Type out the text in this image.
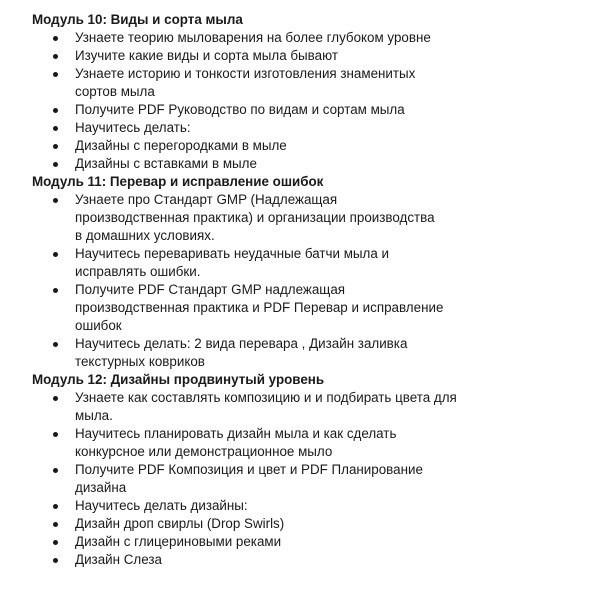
Модуль 10: Виды и сорта мыла
Узнаете теорию мыловарения на более глубоком уровне
Изучите какие виды и сорта мыла бывают
Узнаете историю и тонкости изготовления знаменитых сортов мыла
Получите PDF Руководство по видам и сортам мыла
Научитесь делать:
Дизайны с перегородками в мыле
Дизайны с вставками в мыле
Модуль 11: Перевар и исправление ошибок
Узнаете про Стандарт GMP (Надлежащая производственная практика) и организации производства в домашних условиях.
Научитесь переваривать неудачные батчи мыла и исправлять ошибки.
Получите PDF Стандарт GMP надлежащая производственная практика и PDF Перевар и исправление ошибок
Научитесь делать: 2 вида перевара , Дизайн заливка текстурных ковриков
Модуль 12: Дизайны продвинутый уровень
Узнаете как составлять композицию и и подбирать цвета для мыла.
Научитесь планировать дизайн мыла и как сделать конкурсное или демонстрационное мыло
Получите PDF Композиция и цвет и PDF Планирование дизайна
Научитесь делать дизайны:
Дизайн дроп свирлы (Drop Swirls)
Дизайн с глицериновыми реками
Дизайн Слеза
